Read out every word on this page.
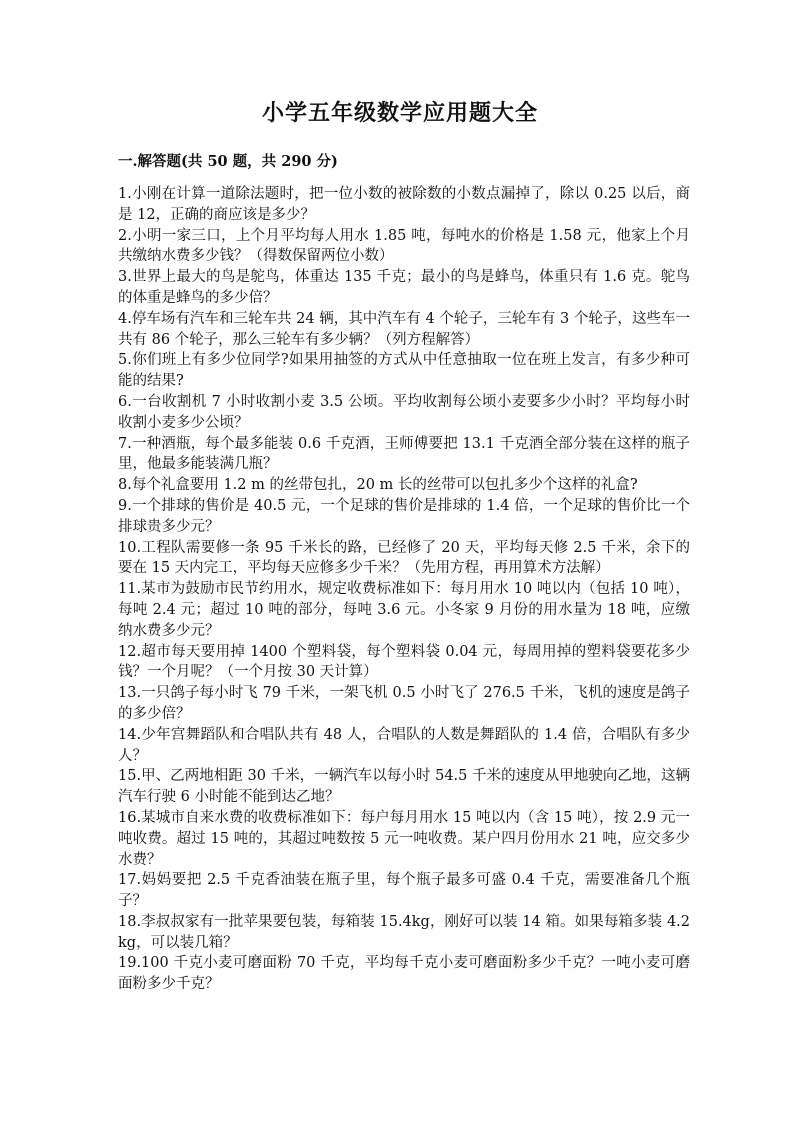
小学五年级数学应用题大全
一.解答题(共 50 题，共 290 分)
1.小刚在计算一道除法题时，把一位小数的被除数的小数点漏掉了，除以 0.25 以后，商是 12，正确的商应该是多少？
2.小明一家三口，上个月平均每人用水 1.85 吨，每吨水的价格是 1.58 元，他家上个月共缴纳水费多少钱？（得数保留两位小数）
3.世界上最大的鸟是鸵鸟，体重达 135 千克；最小的鸟是蜂鸟，体重只有 1.6 克。鸵鸟的体重是蜂鸟的多少倍？
4.停车场有汽车和三轮车共 24 辆，其中汽车有 4 个轮子，三轮车有 3 个轮子，这些车一共有 86 个轮子，那么三轮车有多少辆？（列方程解答）
5.你们班上有多少位同学?如果用抽签的方式从中任意抽取一位在班上发言，有多少种可能的结果?
6.一台收割机 7 小时收割小麦 3.5 公顷。平均收割每公顷小麦要多少小时？平均每小时收割小麦多少公顷？
7.一种酒瓶，每个最多能装 0.6 千克酒，王师傅要把 13.1 千克酒全部分装在这样的瓶子里，他最多能装满几瓶？
8.每个礼盒要用 1.2 m 的丝带包扎，20 m 长的丝带可以包扎多少个这样的礼盒?
9.一个排球的售价是 40.5 元，一个足球的售价是排球的 1.4 倍，一个足球的售价比一个排球贵多少元？
10.工程队需要修一条 95 千米长的路，已经修了 20 天，平均每天修 2.5 千米，余下的要在 15 天内完工，平均每天应修多少千米？（先用方程，再用算术方法解）
11.某市为鼓励市民节约用水，规定收费标准如下：每月用水 10 吨以内（包括 10 吨），每吨 2.4 元；超过 10 吨的部分，每吨 3.6 元。小冬家 9 月份的用水量为 18 吨，应缴纳水费多少元？
12.超市每天要用掉 1400 个塑料袋，每个塑料袋 0.04 元，每周用掉的塑料袋要花多少钱？一个月呢？（一个月按 30 天计算）
13.一只鸽子每小时飞 79 千米，一架飞机 0.5 小时飞了 276.5 千米，飞机的速度是鸽子的多少倍？
14.少年宫舞蹈队和合唱队共有 48 人，合唱队的人数是舞蹈队的 1.4 倍，合唱队有多少人？
15.甲、乙两地相距 30 千米，一辆汽车以每小时 54.5 千米的速度从甲地驶向乙地，这辆汽车行驶 6 小时能不能到达乙地？
16.某城市自来水费的收费标准如下：每户每月用水 15 吨以内（含 15 吨），按 2.9 元一吨收费。超过 15 吨的，其超过吨数按 5 元一吨收费。某户四月份用水 21 吨，应交多少水费？
17.妈妈要把 2.5 千克香油装在瓶子里，每个瓶子最多可盛 0.4 千克，需要准备几个瓶子？
18.李叔叔家有一批苹果要包装，每箱装 15.4kg，刚好可以装 14 箱。如果每箱多装 4.2kg，可以装几箱？
19.100 千克小麦可磨面粉 70 千克，平均每千克小麦可磨面粉多少千克？一吨小麦可磨面粉多少千克？
